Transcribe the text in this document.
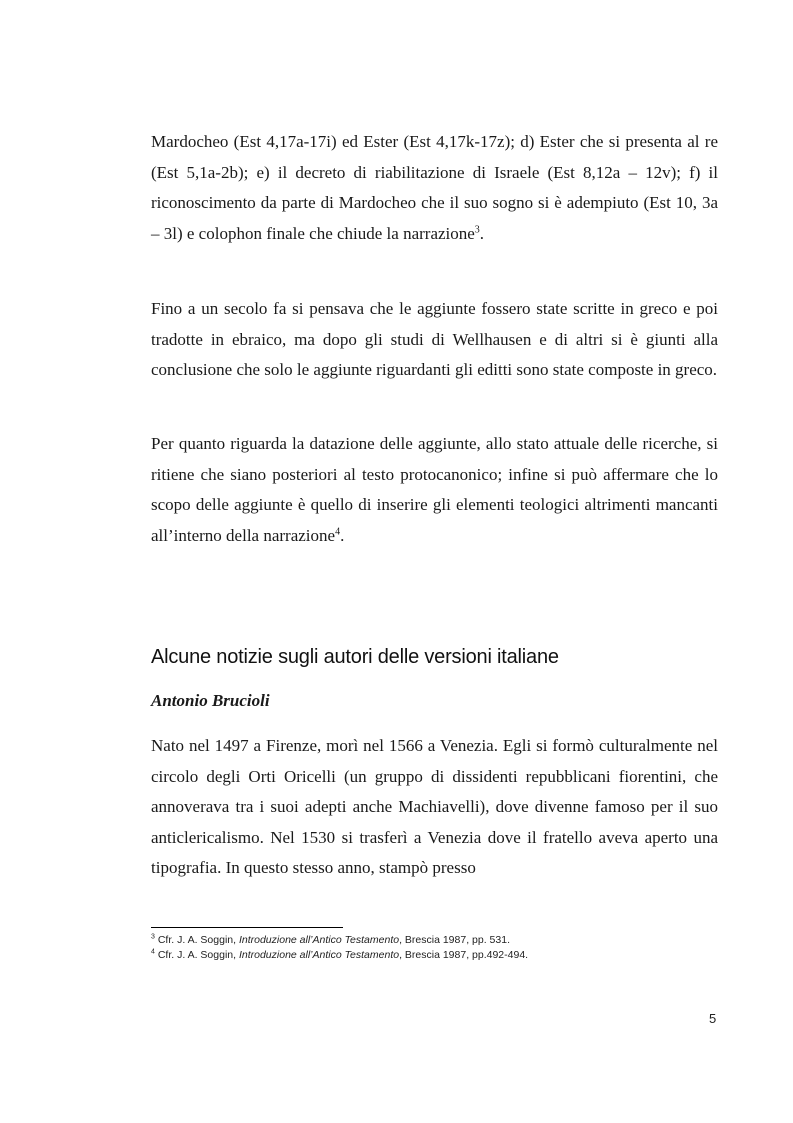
Mardocheo (Est 4,17a-17i) ed Ester (Est 4,17k-17z); d) Ester che si presenta al re (Est 5,1a-2b); e) il decreto di riabilitazione di Israele (Est 8,12a – 12v); f) il riconoscimento da parte di Mardocheo che il suo sogno si è adempiuto (Est 10, 3a – 3l) e colophon finale che chiude la narrazione$^3$.

Fino a un secolo fa si pensava che le aggiunte fossero state scritte in greco e poi tradotte in ebraico, ma dopo gli studi di Wellhausen e di altri si è giunti alla conclusione che solo le aggiunte riguardanti gli editti sono state composte in greco.

Per quanto riguarda la datazione delle aggiunte, allo stato attuale delle ricerche, si ritiene che siano posteriori al testo protocanonico; infine si può affermare che lo scopo delle aggiunte è quello di inserire gli elementi teologici altrimenti mancanti all’interno della narrazione$^4$.

Alcune notizie sugli autori delle versioni italiane
Antonio Brucioli

Nato nel 1497 a Firenze, morì nel 1566 a Venezia. Egli si formò culturalmente nel circolo degli Orti Oricelli (un gruppo di dissidenti repubblicani fiorentini, che annoverava tra i suoi adepti anche Machiavelli), dove divenne famoso per il suo anticlericalismo. Nel 1530 si trasferì a Venezia dove il fratello aveva aperto una tipografia. In questo stesso anno, stampò presso

$^3$ Cfr. J. A. Soggin, Introduzione all’Antico Testamento, Brescia 1987, pp. 531.

$^4$ Cfr. J. A. Soggin, Introduzione all’Antico Testamento, Brescia 1987, pp.492-494.

5
